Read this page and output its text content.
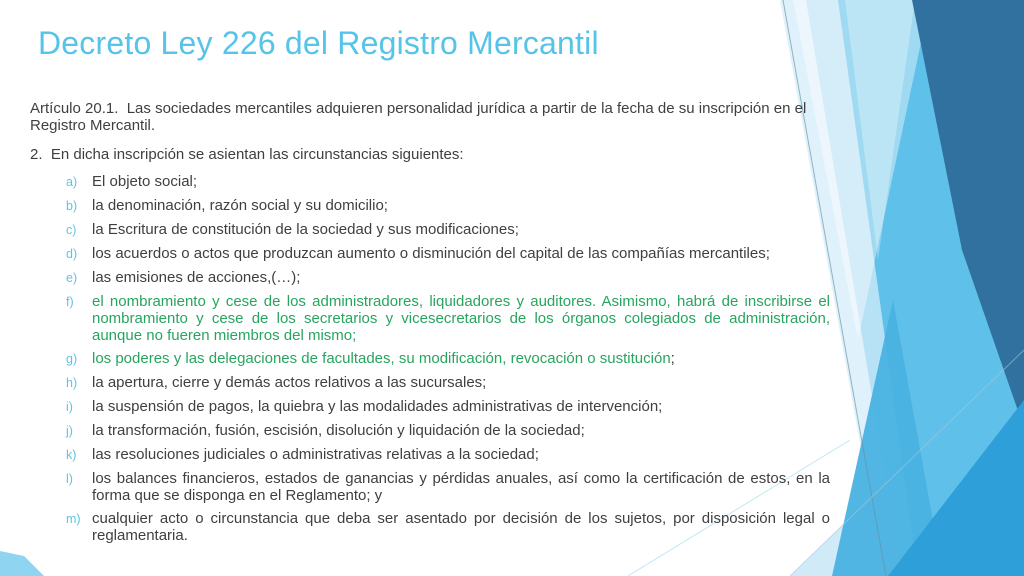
Decreto Ley 226 del Registro Mercantil

Artículo 20.1.  Las sociedades mercantiles adquieren personalidad jurídica a partir de la fecha de su inscripción en el Registro Mercantil.

2.  En dicha inscripción se asientan las circunstancias siguientes:

a) El objeto social;
b) la denominación, razón social y su domicilio;
c)	la Escritura de constitución de la sociedad y sus modificaciones;
d) los acuerdos o actos que produzcan aumento o disminución del capital de las compañías mercantiles;
e) las emisiones de acciones,(…);
f)	el nombramiento y cese de los administradores, liquidadores y auditores. Asimismo, habrá de inscribirse el nombramiento y cese de los secretarios y vicesecretarios de los órganos colegiados de administración, aunque no fueren miembros del mismo;
g) los poderes y las delegaciones de facultades, su modificación, revocación o sustitución;
h) la apertura, cierre y demás actos relativos a las sucursales;
i)	la suspensión de pagos, la quiebra y las modalidades administrativas de intervención;
j)	la transformación, fusión, escisión, disolución y liquidación de la sociedad;
k)	las resoluciones judiciales o administrativas relativas a la sociedad;
l)	los balances financieros, estados de ganancias y pérdidas anuales, así como la certificación de estos, en la forma que se disponga en el Reglamento; y
m) cualquier acto o circunstancia que deba ser asentado por decisión de los sujetos, por disposición legal o reglamentaria.
